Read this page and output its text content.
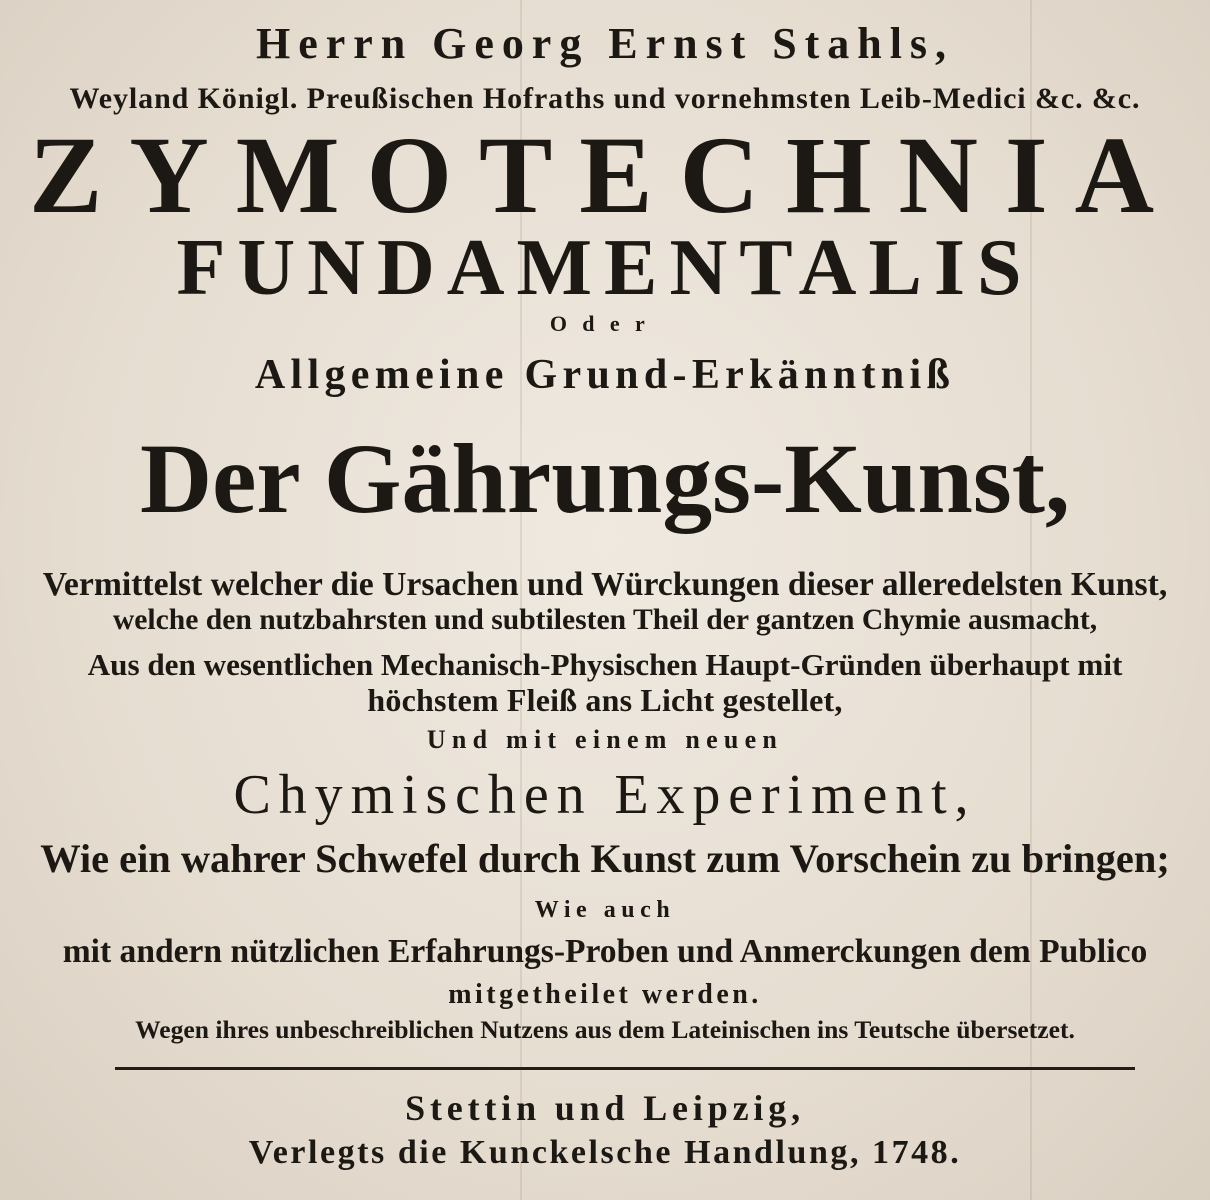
Herrn Georg Ernst Stahls,
Weyland Königl. Preußischen Hofraths und vornehmsten Leib-Medici &c. &c.
ZYMOTECHNIA
FUNDAMENTALIS
Oder
Allgemeine Grund-Erkänntniß
Der Gährungs-Kunst,
Vermittelst welcher die Ursachen und Würckungen dieser alleredelsten Kunst,
welche den nutzbahrsten und subtilesten Theil der gantzen Chymie ausmacht,
Aus den wesentlichen Mechanisch-Physischen Haupt-Gründen überhaupt mit
höchstem Fleiß ans Licht gestellet,
Und mit einem neuen
Chymischen Experiment,
Wie ein wahrer Schwefel durch Kunst zum Vorschein zu bringen;
Wie auch
mit andern nützlichen Erfahrungs-Proben und Anmerckungen dem Publico
mitgetheilet werden.
Wegen ihres unbeschreiblichen Nutzens aus dem Lateinischen ins Teutsche übersetzet.
Stettin und Leipzig,
Verlegts die Kunckelsche Handlung, 1748.
